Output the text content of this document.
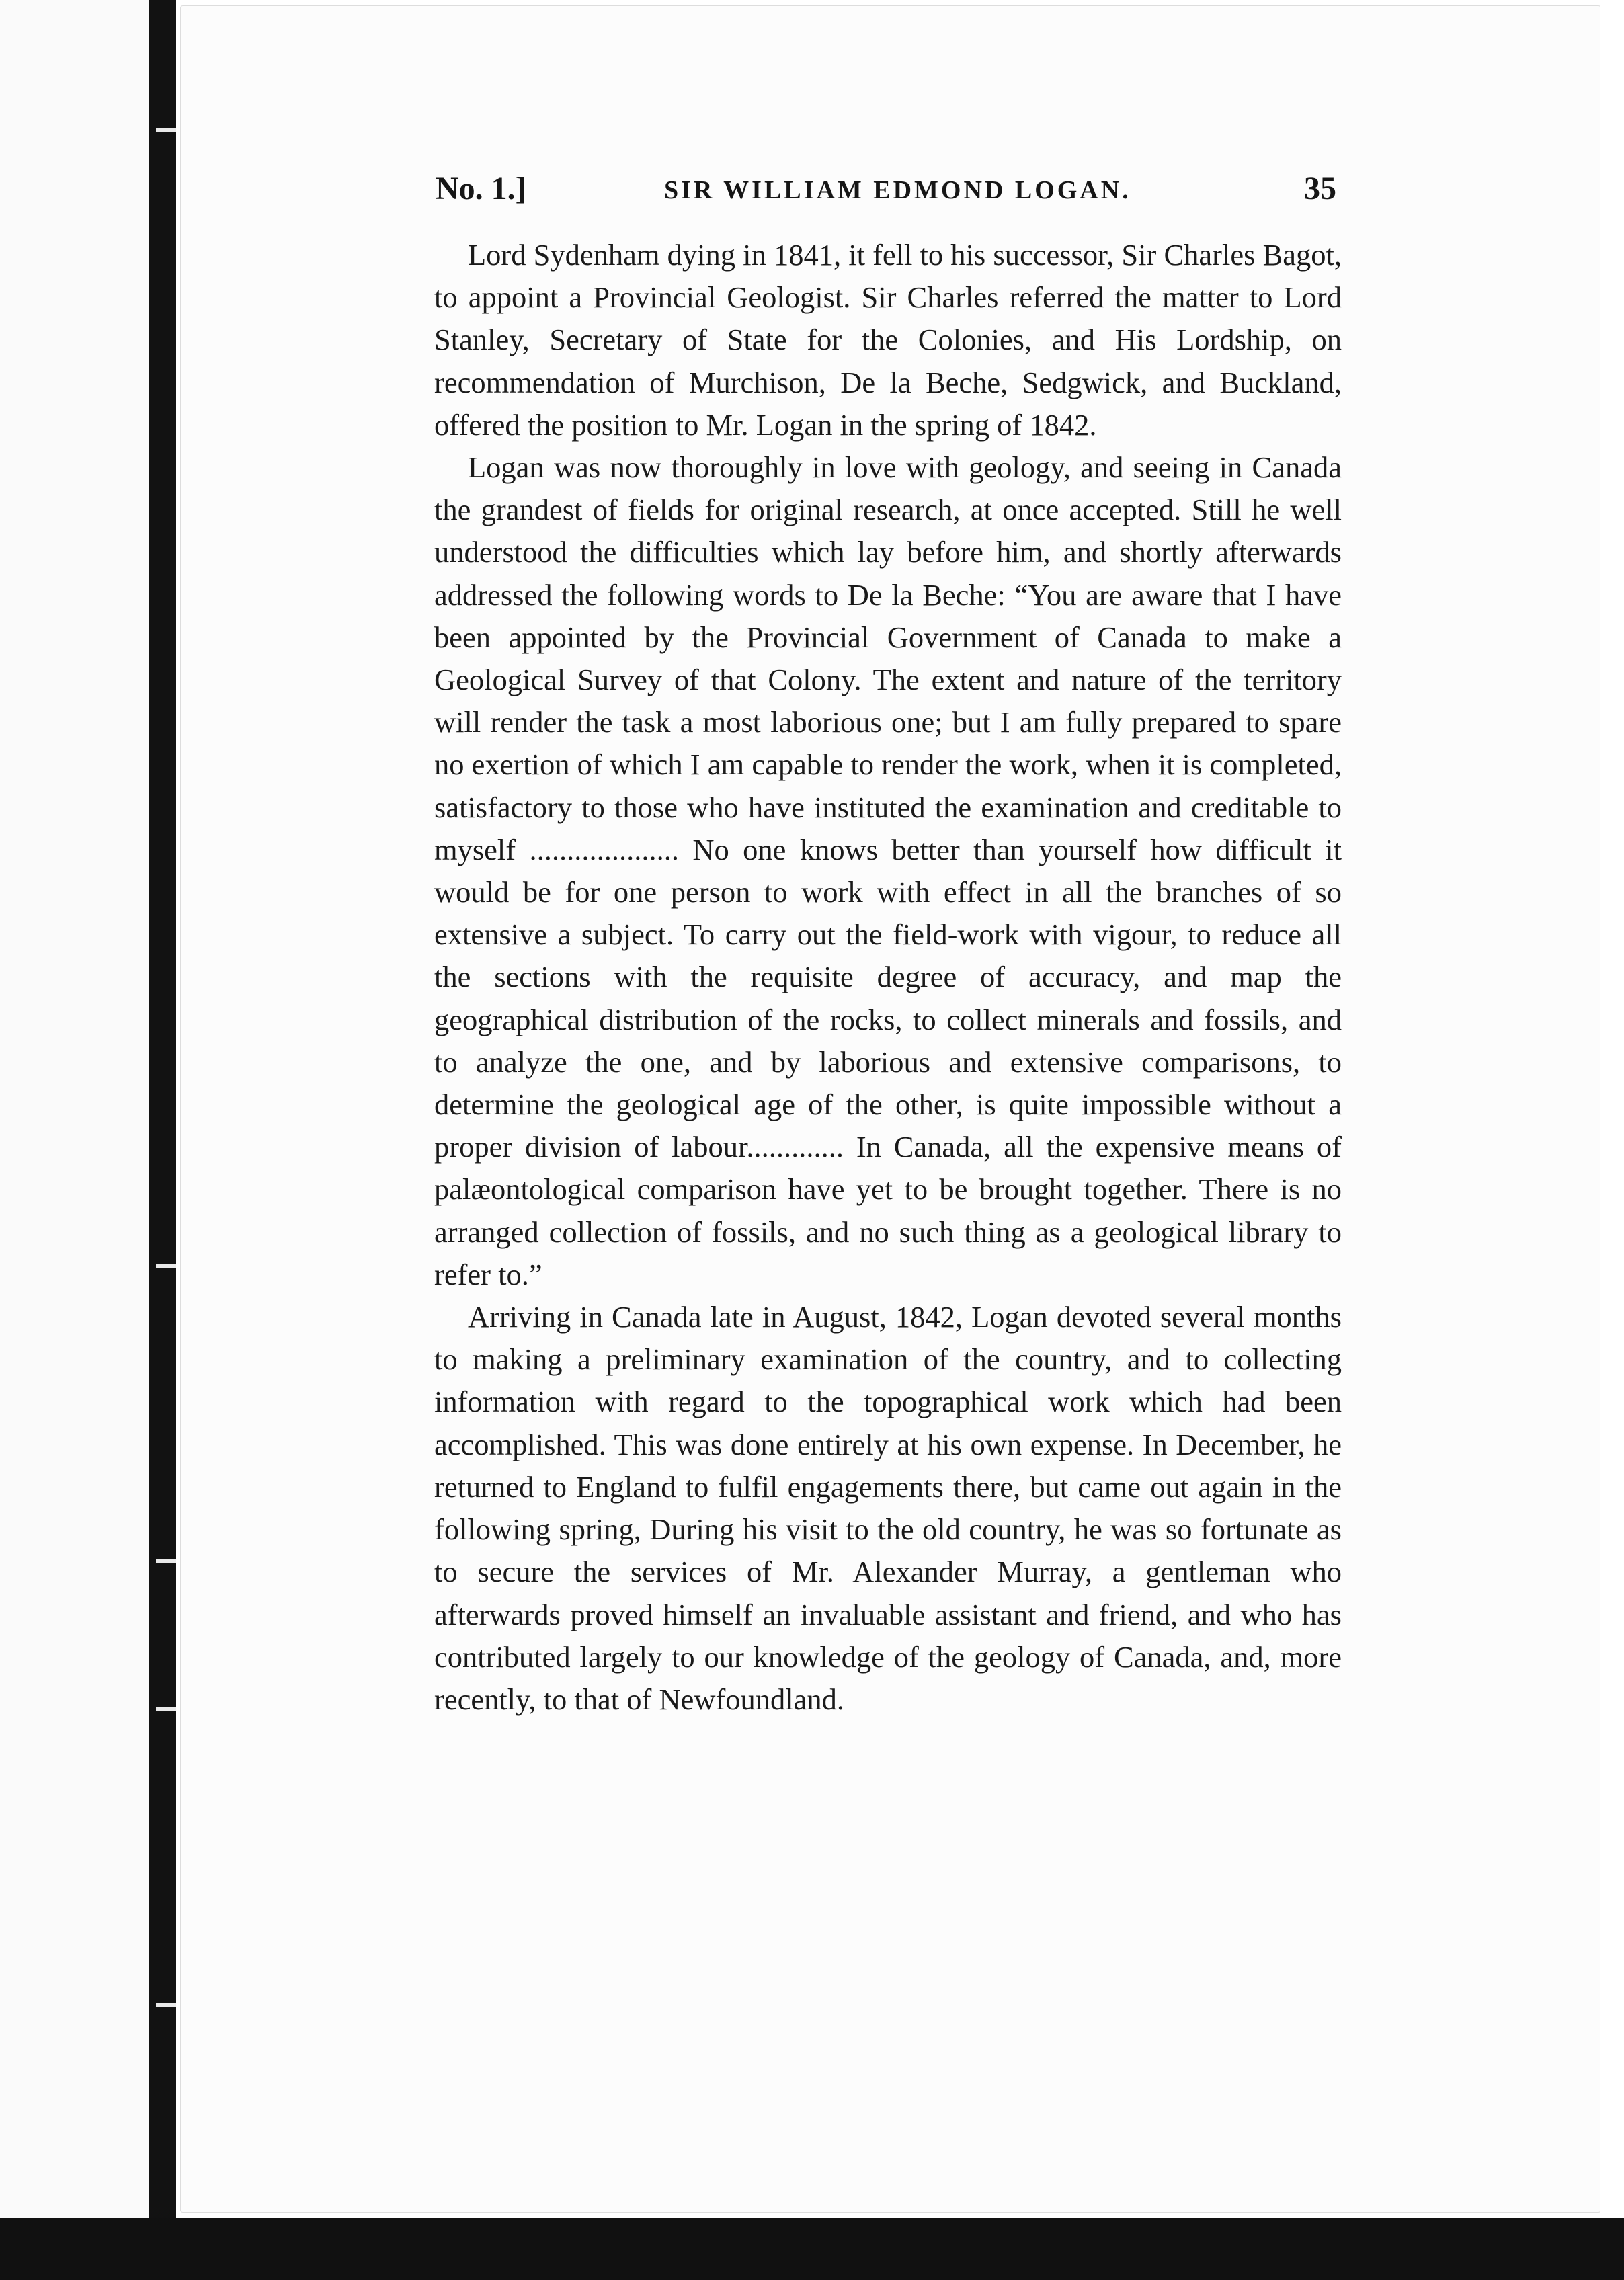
No. 1.]	SIR WILLIAM EDMOND LOGAN.	35

Lord Sydenham dying in 1841, it fell to his successor, Sir Charles Bagot, to appoint a Provincial Geologist. Sir Charles referred the matter to Lord Stanley, Secretary of State for the Colonies, and His Lordship, on recommendation of Murchison, De la Beche, Sedgwick, and Buckland, offered the position to Mr. Logan in the spring of 1842.

Logan was now thoroughly in love with geology, and seeing in Canada the grandest of fields for original research, at once accepted. Still he well understood the difficulties which lay before him, and shortly afterwards addressed the following words to De la Beche: “You are aware that I have been appointed by the Provincial Government of Canada to make a Geological Survey of that Colony. The extent and nature of the territory will render the task a most laborious one; but I am fully prepared to spare no exertion of which I am capable to render the work, when it is completed, satisfactory to those who have instituted the examination and creditable to myself .................... No one knows better than yourself how difficult it would be for one person to work with effect in all the branches of so extensive a subject. To carry out the field-work with vigour, to reduce all the sections with the requisite degree of accuracy, and map the geographical distribution of the rocks, to collect minerals and fossils, and to analyze the one, and by laborious and extensive comparisons, to determine the geological age of the other, is quite impossible without a proper division of labour............. In Canada, all the expensive means of palæontological comparison have yet to be brought together. There is no arranged collection of fossils, and no such thing as a geological library to refer to.”

Arriving in Canada late in August, 1842, Logan devoted several months to making a preliminary examination of the country, and to collecting information with regard to the topographical work which had been accomplished. This was done entirely at his own expense. In December, he returned to England to fulfil engagements there, but came out again in the following spring, During his visit to the old country, he was so fortunate as to secure the services of Mr. Alexander Murray, a gentleman who afterwards proved himself an invaluable assistant and friend, and who has contributed largely to our knowledge of the geology of Canada, and, more recently, to that of Newfoundland.
